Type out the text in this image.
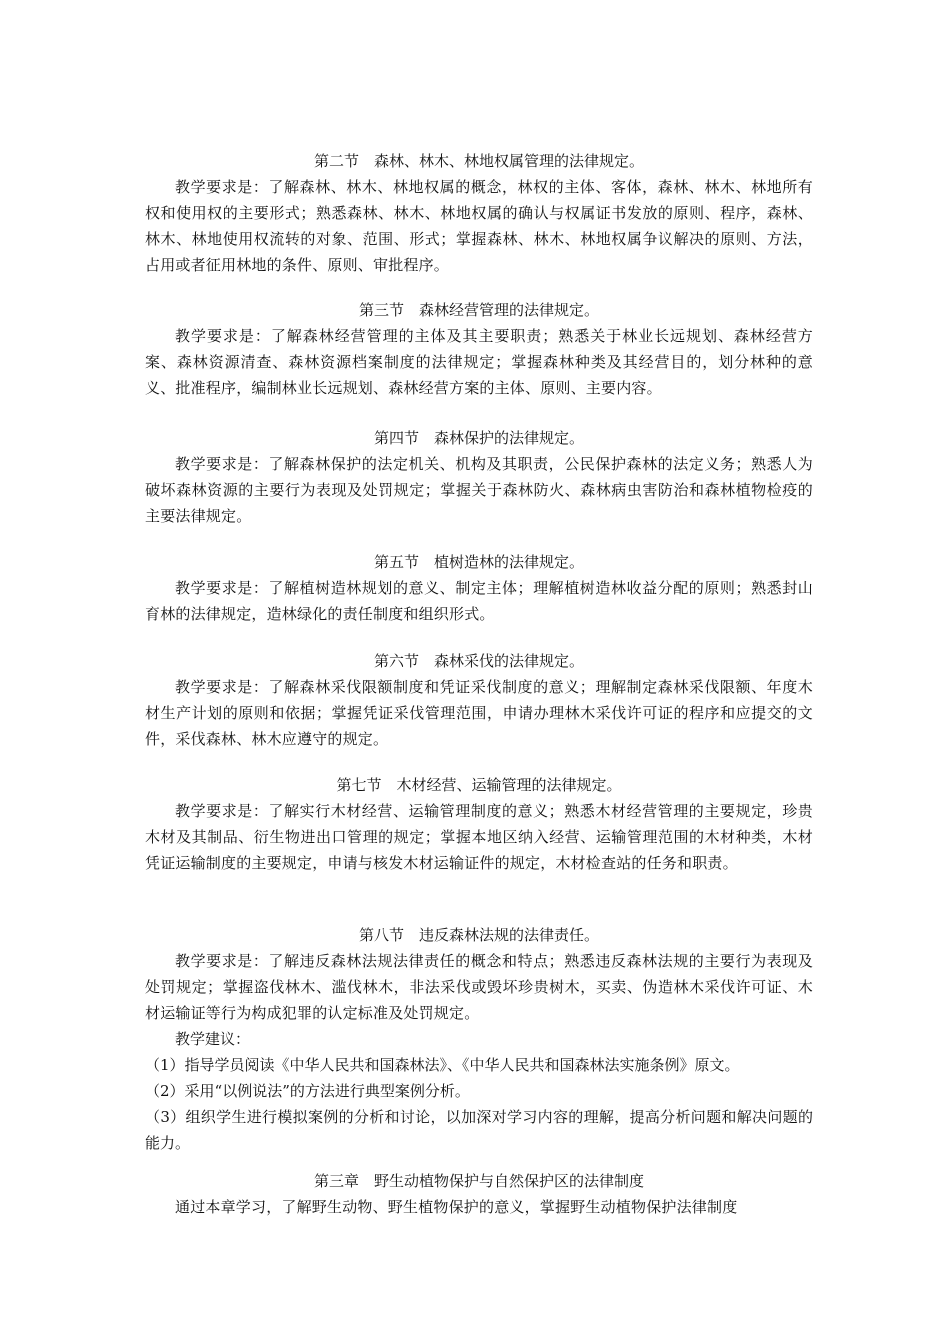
第二节　森林、林木、林地权属管理的法律规定。
教学要求是：了解森林、林木、林地权属的概念，林权的主体、客体，森林、林木、林地所有权和使用权的主要形式；熟悉森林、林木、林地权属的确认与权属证书发放的原则、程序，森林、林木、林地使用权流转的对象、范围、形式；掌握森林、林木、林地权属争议解决的原则、方法，占用或者征用林地的条件、原则、审批程序。
第三节　森林经营管理的法律规定。
教学要求是：了解森林经营管理的主体及其主要职责；熟悉关于林业长远规划、森林经营方案、森林资源清查、森林资源档案制度的法律规定；掌握森林种类及其经营目的，划分林种的意义、批准程序，编制林业长远规划、森林经营方案的主体、原则、主要内容。
第四节　森林保护的法律规定。
教学要求是：了解森林保护的法定机关、机构及其职责，公民保护森林的法定义务；熟悉人为破坏森林资源的主要行为表现及处罚规定；掌握关于森林防火、森林病虫害防治和森林植物检疫的主要法律规定。
第五节　植树造林的法律规定。
教学要求是：了解植树造林规划的意义、制定主体；理解植树造林收益分配的原则；熟悉封山育林的法律规定，造林绿化的责任制度和组织形式。
第六节　森林采伐的法律规定。
教学要求是：了解森林采伐限额制度和凭证采伐制度的意义；理解制定森林采伐限额、年度木材生产计划的原则和依据；掌握凭证采伐管理范围，申请办理林木采伐许可证的程序和应提交的文件，采伐森林、林木应遵守的规定。
第七节　木材经营、运输管理的法律规定。
教学要求是：了解实行木材经营、运输管理制度的意义；熟悉木材经营管理的主要规定，珍贵木材及其制品、衍生物进出口管理的规定；掌握本地区纳入经营、运输管理范围的木材种类，木材凭证运输制度的主要规定，申请与核发木材运输证件的规定，木材检查站的任务和职责。
第八节　违反森林法规的法律责任。
教学要求是：了解违反森林法规法律责任的概念和特点；熟悉违反森林法规的主要行为表现及处罚规定；掌握盗伐林木、滥伐林木，非法采伐或毁坏珍贵树木，买卖、伪造林木采伐许可证、木材运输证等行为构成犯罪的认定标准及处罚规定。
教学建议：
（1）指导学员阅读《中华人民共和国森林法》、《中华人民共和国森林法实施条例》原文。
（2）采用“以例说法”的方法进行典型案例分析。
（3）组织学生进行模拟案例的分析和讨论，以加深对学习内容的理解，提高分析问题和解决问题的能力。
第三章　野生动植物保护与自然保护区的法律制度
通过本章学习，了解野生动物、野生植物保护的意义，掌握野生动植物保护法律制度
